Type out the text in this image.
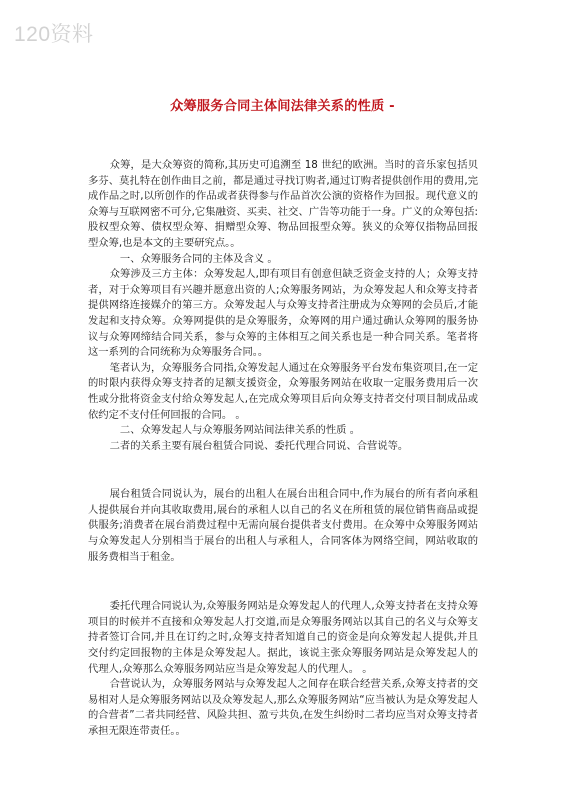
120资料
众筹服务合同主体间法律关系的性质 -

众筹，是大众筹资的简称,其历史可追溯至 18 世纪的欧洲。当时的音乐家包括贝多芬、莫扎特在创作曲目之前，都是通过寻找订购者,通过订购者提供创作用的费用,完成作品之时,以所创作的作品或者获得参与作品首次公演的资格作为回报。现代意义的众筹与互联网密不可分,它集融资、买卖、社交、广告等功能于一身。广义的众筹包括:股权型众筹、债权型众筹、捐赠型众筹、物品回报型众筹。狭义的众筹仅指物品回报型众筹,也是本文的主要研究点。。

一、众筹服务合同的主体及含义 。

众筹涉及三方主体：众筹发起人,即有项目有创意但缺乏资金支持的人；众筹支持者，对于众筹项目有兴趣并愿意出资的人;众筹服务网站，为众筹发起人和众筹支持者提供网络连接媒介的第三方。众筹发起人与众筹支持者注册成为众筹网的会员后,才能发起和支持众筹。众筹网提供的是众筹服务，众筹网的用户通过确认众筹网的服务协议与众筹网缔结合同关系，参与众筹的主体相互之间关系也是一种合同关系。笔者将这一系列的合同统称为众筹服务合同。。

笔者认为，众筹服务合同指,众筹发起人通过在众筹服务平台发布集资项目,在一定的时限内获得众筹支持者的足额支援资金，众筹服务网站在收取一定服务费用后一次性或分批将资金支付给众筹发起人,在完成众筹项目后向众筹支持者交付项目制成品或依约定不支付任何回报的合同。 。

二、众筹发起人与众筹服务网站间法律关系的性质 。

二者的关系主要有展台租赁合同说、委托代理合同说、合营说等。

展台租赁合同说认为，展台的出租人在展台出租合同中,作为展台的所有者向承租人提供展台并向其收取费用,展台的承租人以自己的名义在所租赁的展位销售商品或提供服务;消费者在展台消费过程中无需向展台提供者支付费用。在众筹中众筹服务网站与众筹发起人分别相当于展台的出租人与承租人，合同客体为网络空间，网站收取的服务费相当于租金。

委托代理合同说认为,众筹服务网站是众筹发起人的代理人,众筹支持者在支持众筹项目的时候并不直接和众筹发起人打交道,而是众筹服务网站以其自己的名义与众筹支持者签订合同,并且在订约之时,众筹支持者知道自己的资金是向众筹发起人提供,并且交付约定回报物的主体是众筹发起人。据此，该说主张众筹服务网站是众筹发起人的代理人,众筹那么众筹服务网站应当是众筹发起人的代理人。 。

合营说认为，众筹服务网站与众筹发起人之间存在联合经营关系,众筹支持者的交易相对人是众筹服务网站以及众筹发起人,那么众筹服务网站“应当被认为是众筹发起人的合营者”二者共同经营、风险共担、盈亏共负,在发生纠纷时二者均应当对众筹支持者承担无限连带责任。。
